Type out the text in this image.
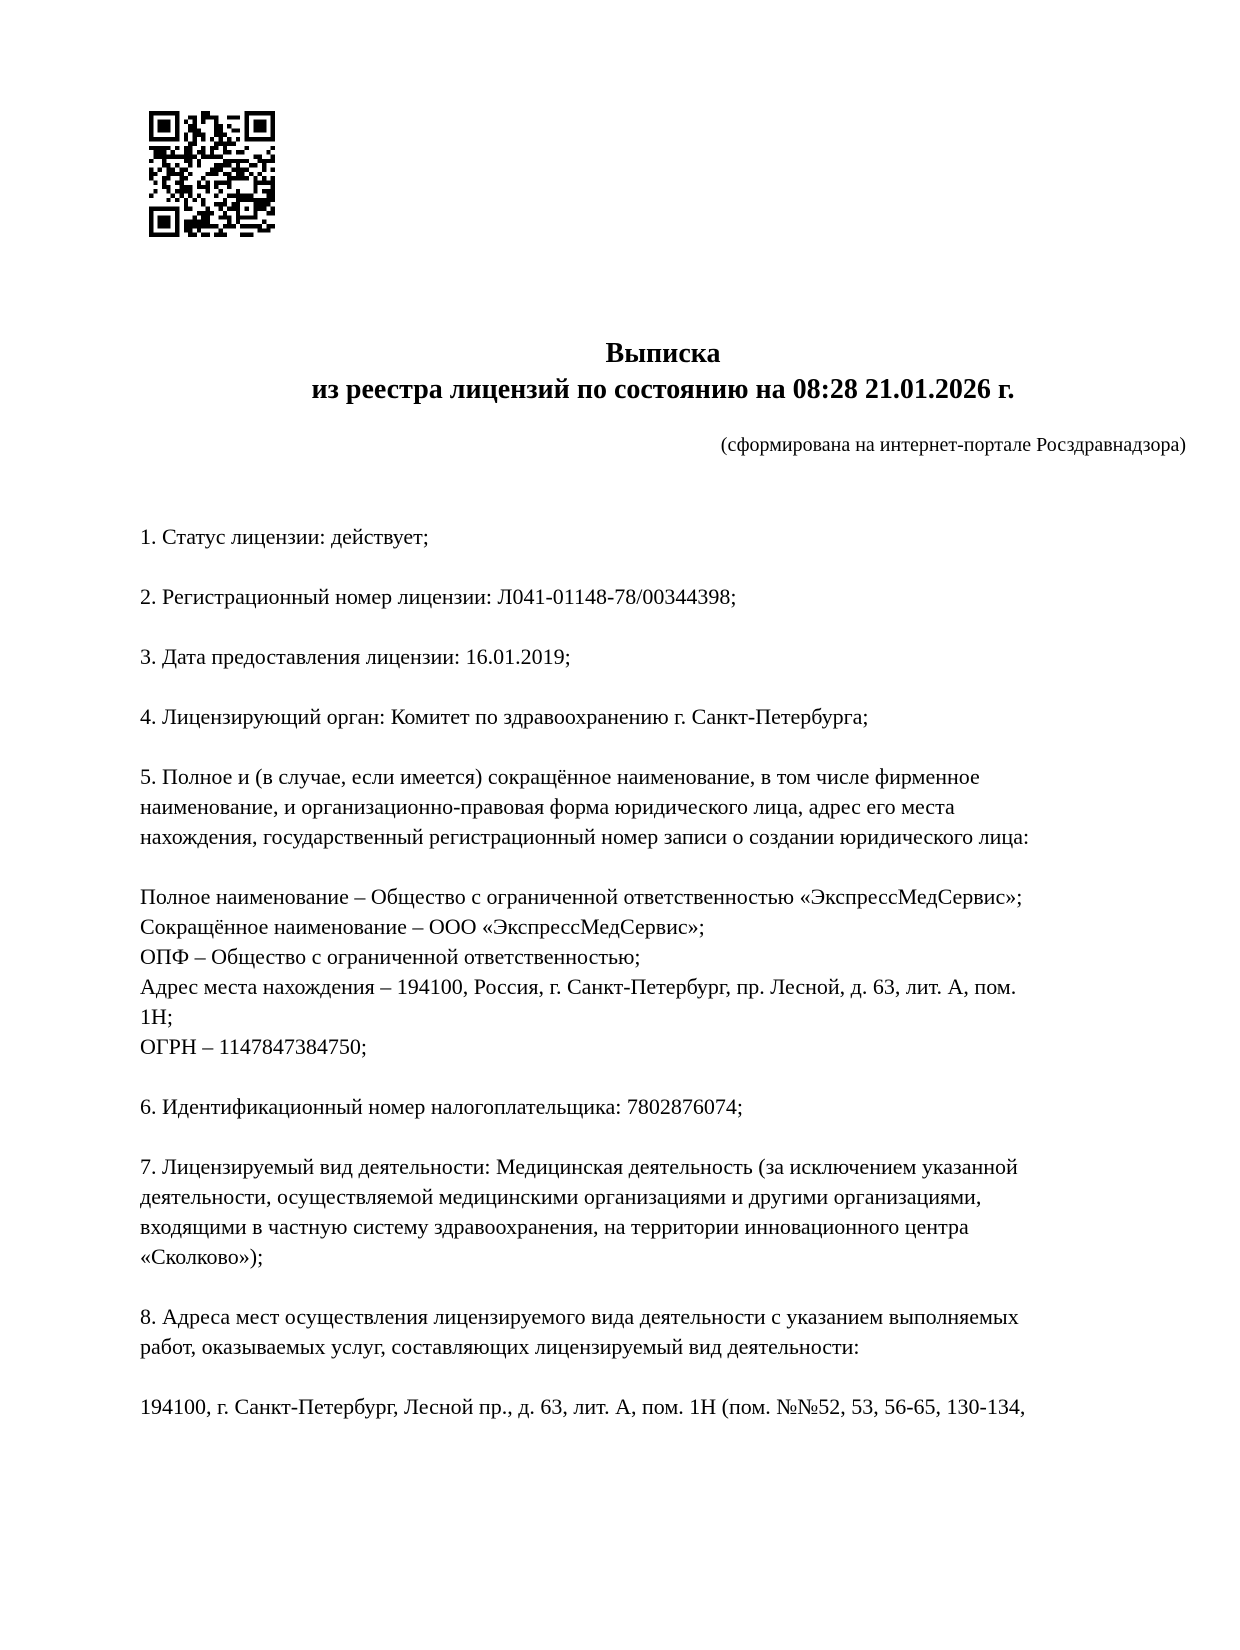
Выписка
из реестра лицензий по состоянию на 08:28 21.01.2026 г.
(сформирована на интернет-портале Росздравнадзора)
1. Статус лицензии: действует;
2. Регистрационный номер лицензии: Л041-01148-78/00344398;
3. Дата предоставления лицензии: 16.01.2019;
4. Лицензирующий орган: Комитет по здравоохранению г. Санкт-Петербурга;
5. Полное и (в случае, если имеется) сокращённое наименование, в том числе фирменное
наименование, и организационно-правовая форма юридического лица, адрес его места
нахождения, государственный регистрационный номер записи о создании юридического лица:
Полное наименование – Общество с ограниченной ответственностью «ЭкспрессМедСервис»;
Сокращённое наименование – ООО «ЭкспрессМедСервис»;
ОПФ – Общество с ограниченной ответственностью;
Адрес места нахождения – 194100, Россия, г. Санкт-Петербург, пр. Лесной, д. 63, лит. А, пом.
1Н;
ОГРН – 1147847384750;
6. Идентификационный номер налогоплательщика: 7802876074;
7. Лицензируемый вид деятельности: Медицинская деятельность (за исключением указанной
деятельности, осуществляемой медицинскими организациями и другими организациями,
входящими в частную систему здравоохранения, на территории инновационного центра
«Сколково»);
8. Адреса мест осуществления лицензируемого вида деятельности с указанием выполняемых
работ, оказываемых услуг, составляющих лицензируемый вид деятельности:
194100, г. Санкт-Петербург, Лесной пр., д. 63, лит. А, пом. 1Н (пом. №№52, 53, 56-65, 130-134,
